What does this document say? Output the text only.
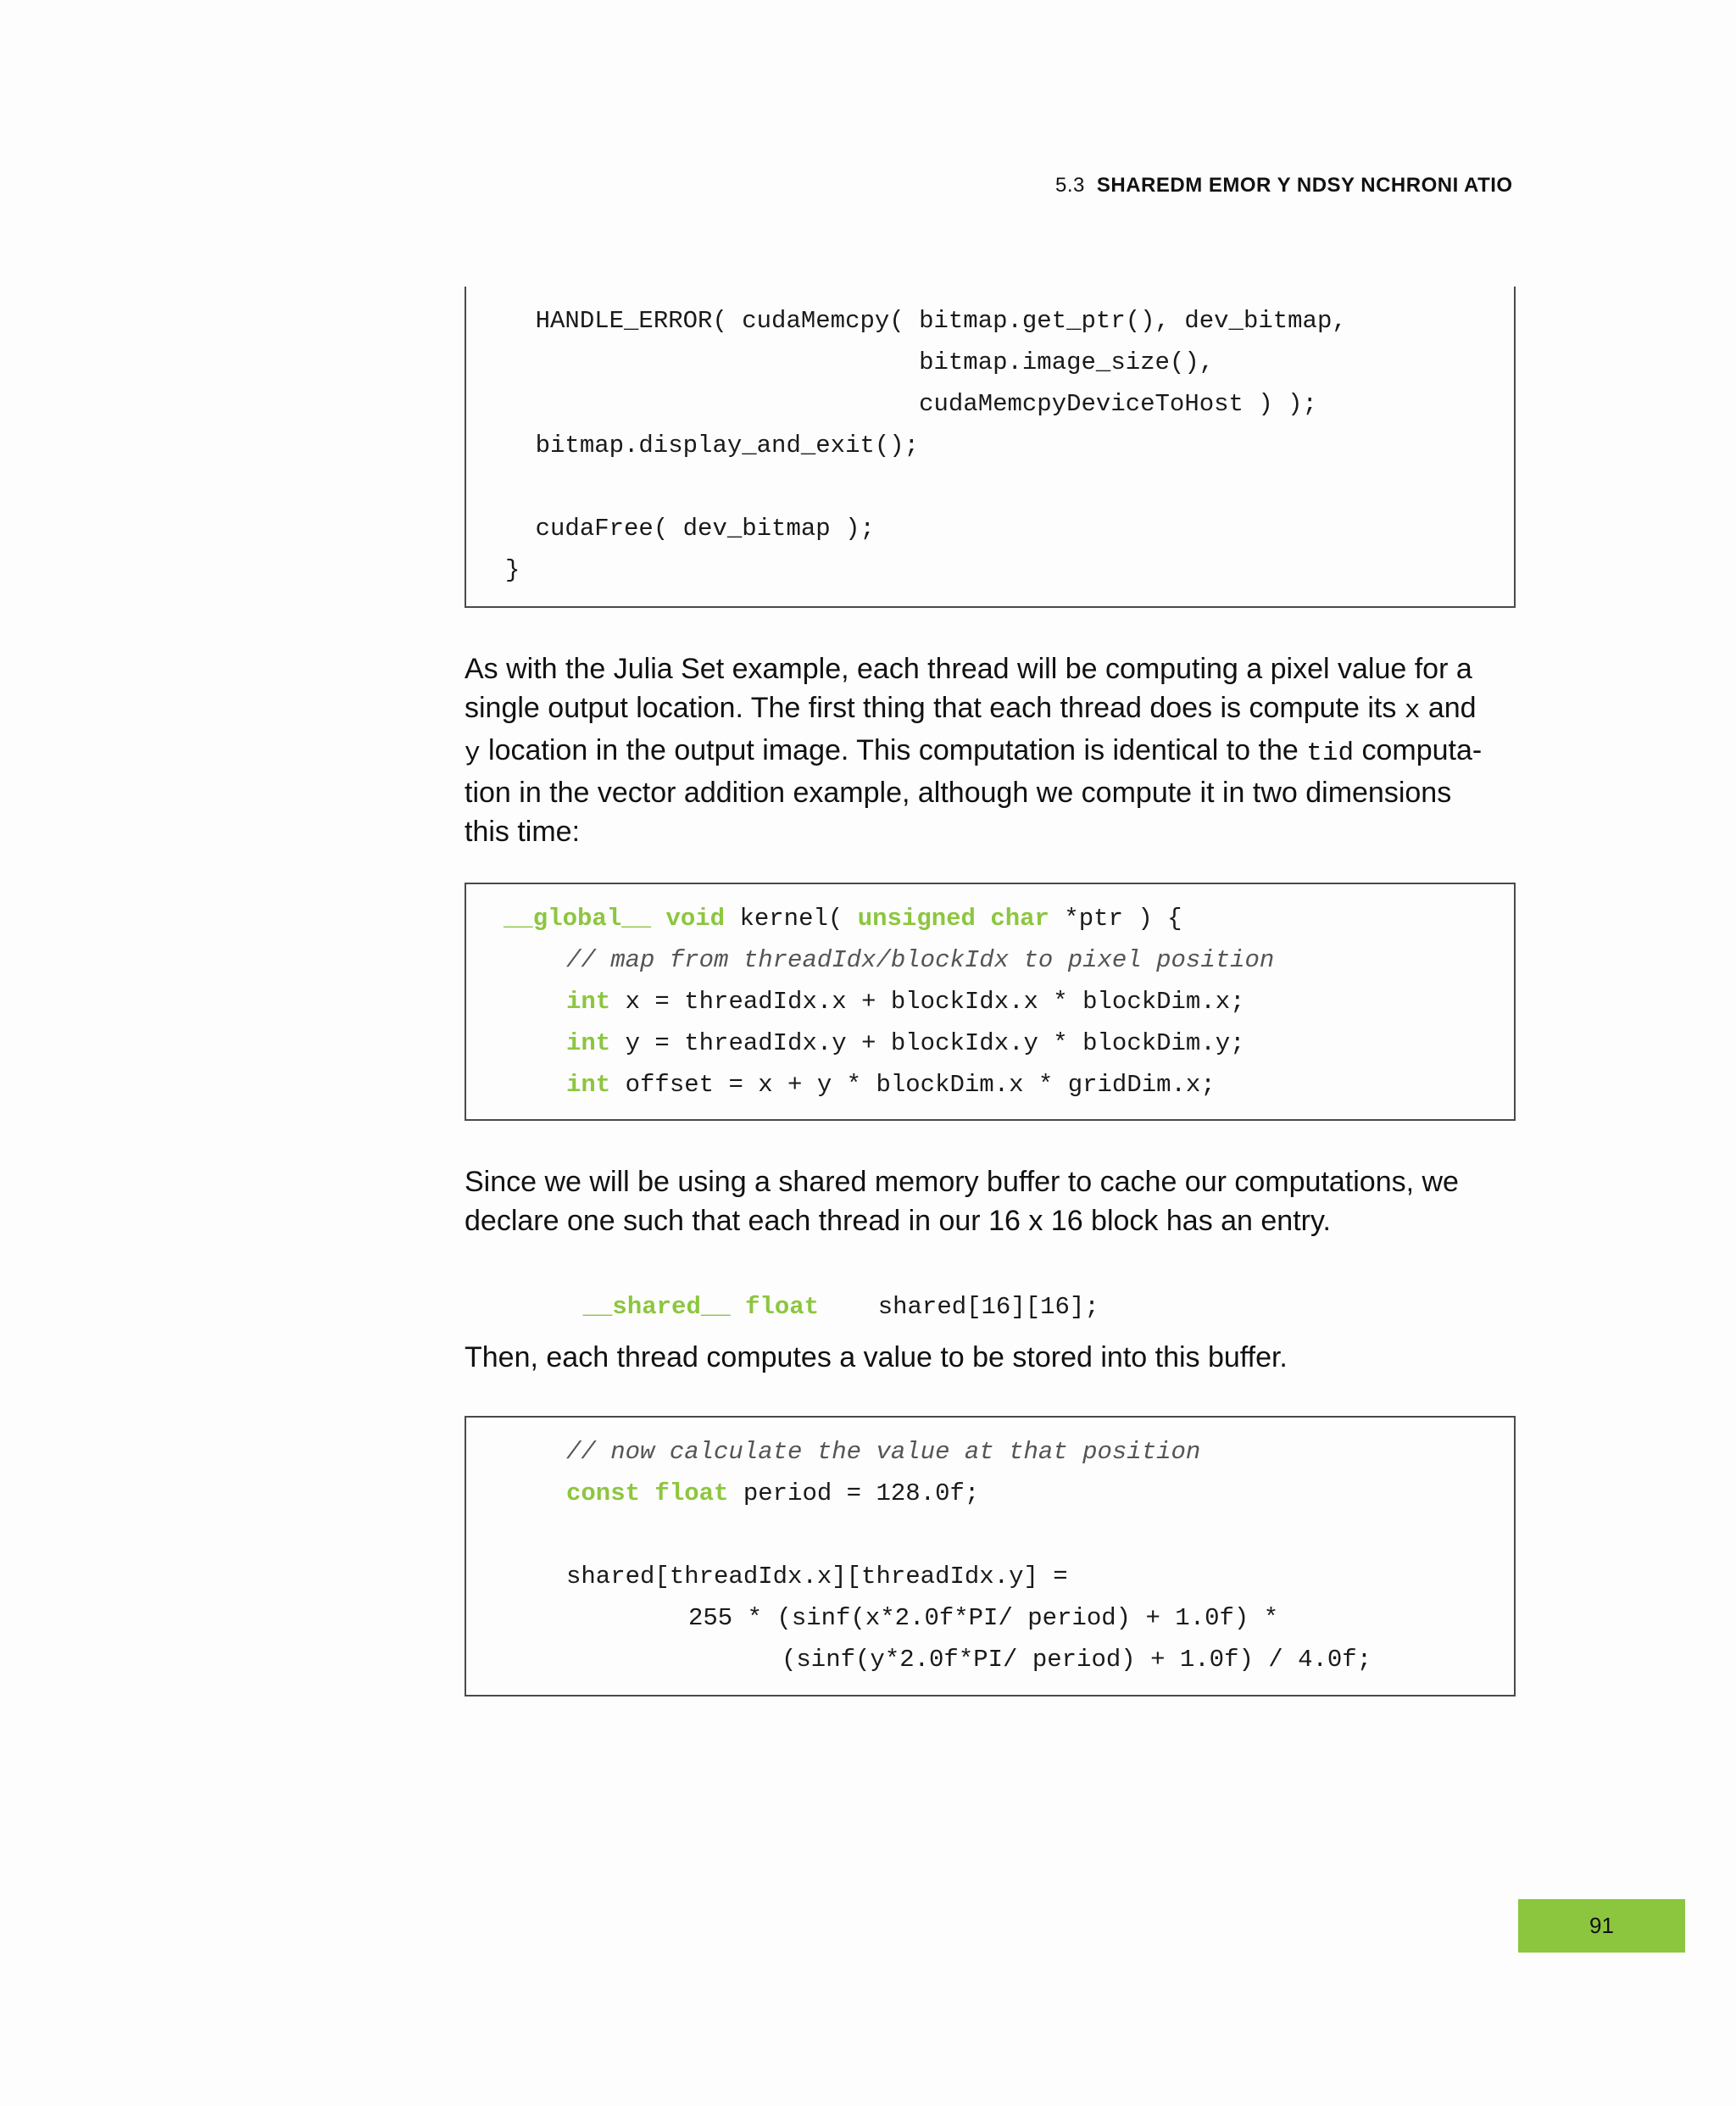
5.3 SHAREDM EMOR Y NDSY NCHRONI ATIO
HANDLE_ERROR( cudaMemcpy( bitmap.get_ptr(), dev_bitmap,
bitmap.image_size(),
cudaMemcpyDeviceToHost ) );
bitmap.display_and_exit();
cudaFree( dev_bitmap );
}
As with the Julia Set example, each thread will be computing a pixel value for a
single output location. The first thing that each thread does is compute its x and
y location in the output image. This computation is identical to the tid computa-
tion in the vector addition example, although we compute it in two dimensions
this time:
__global__ void kernel( unsigned char *ptr ) {
// map from threadIdx/blockIdx to pixel position
int x = threadIdx.x + blockIdx.x * blockDim.x;
int y = threadIdx.y + blockIdx.y * blockDim.y;
int offset = x + y * blockDim.x * gridDim.x;
Since we will be using a shared memory buffer to cache our computations, we
declare one such that each thread in our 16 x 16 block has an entry.

__shared__ float shared[16][16];

Then, each thread computes a value to be stored into this buffer.
// now calculate the value at that position
const float period = 128.0f;
shared[threadIdx.x][threadIdx.y] =
255 * (sinf(x*2.0f*PI/ period) + 1.0f) *
(sinf(y*2.0f*PI/ period) + 1.0f) / 4.0f;
91
